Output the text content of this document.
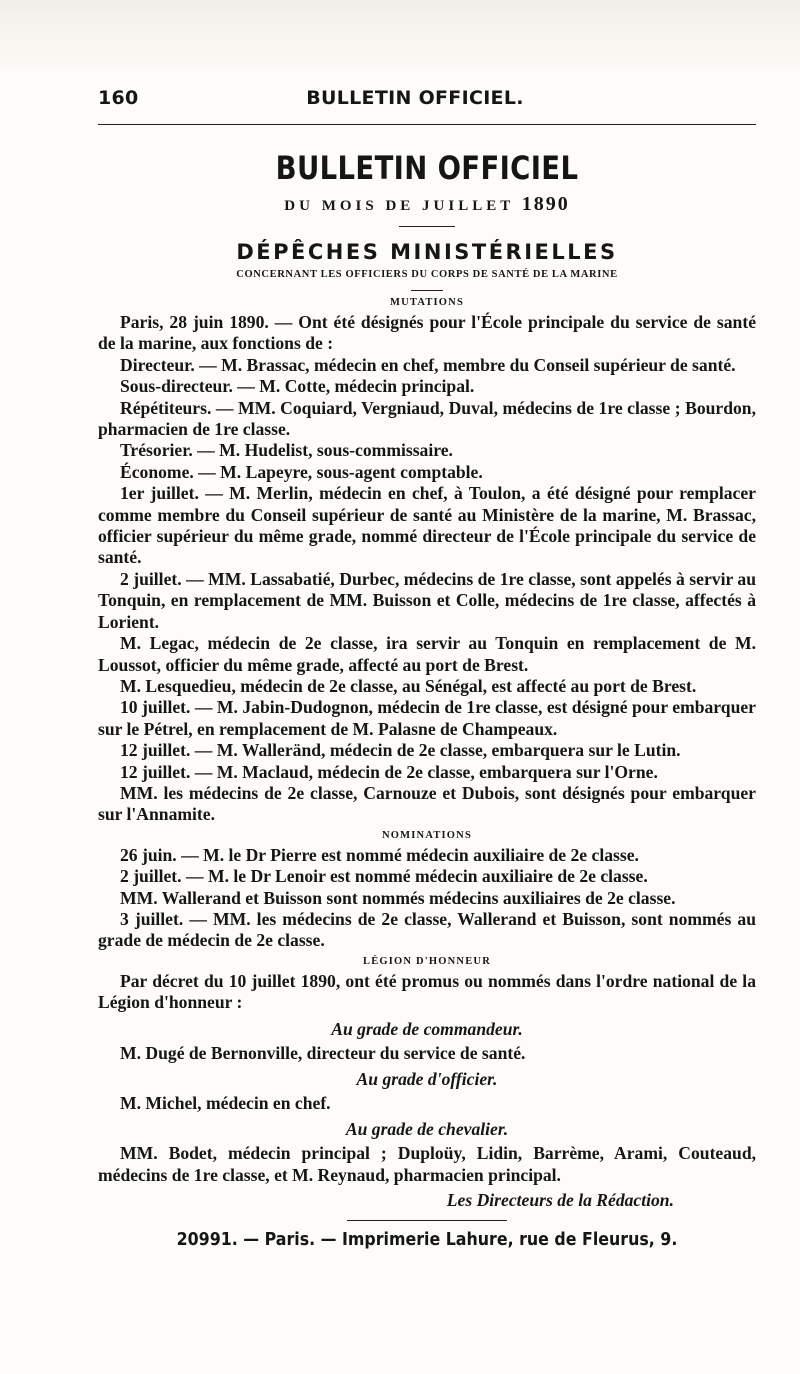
160	BULLETIN OFFICIEL.
BULLETIN OFFICIEL
DU MOIS DE JUILLET 1890
DÉPÊCHES MINISTÉRIELLES
CONCERNANT LES OFFICIERS DU CORPS DE SANTÉ DE LA MARINE
MUTATIONS

Paris, 28 juin 1890. — Ont été désignés pour l'École principale du service de santé de la marine, aux fonctions de :

Directeur. — M. Brassac, médecin en chef, membre du Conseil supérieur de santé.

Sous-directeur. — M. Cotte, médecin principal.

Répétiteurs. — MM. Coquiard, Vergniaud, Duval, médecins de 1re classe ; Bourdon, pharmacien de 1re classe.

Trésorier. — M. Hudelist, sous-commissaire.

Économe. — M. Lapeyre, sous-agent comptable.

1er juillet. — M. Merlin, médecin en chef, à Toulon, a été désigné pour remplacer comme membre du Conseil supérieur de santé au Ministère de la marine, M. Brassac, officier supérieur du même grade, nommé directeur de l'École principale du service de santé.

2 juillet. — MM. Lassabatié, Durbec, médecins de 1re classe, sont appelés à servir au Tonquin, en remplacement de MM. Buisson et Colle, médecins de 1re classe, affectés à Lorient.

M. Legac, médecin de 2e classe, ira servir au Tonquin en remplacement de M. Loussot, officier du même grade, affecté au port de Brest.

M. Lesquedieu, médecin de 2e classe, au Sénégal, est affecté au port de Brest.

10 juillet. — M. Jabin-Dudognon, médecin de 1re classe, est désigné pour embarquer sur le Pétrel, en remplacement de M. Palasne de Champeaux.

12 juillet. — M. Walleränd, médecin de 2e classe, embarquera sur le Lutin.

12 juillet. — M. Maclaud, médecin de 2e classe, embarquera sur l'Orne.

MM. les médecins de 2e classe, Carnouze et Dubois, sont désignés pour embarquer sur l'Annamite.

NOMINATIONS

26 juin. — M. le Dr Pierre est nommé médecin auxiliaire de 2e classe.

2 juillet. — M. le Dr Lenoir est nommé médecin auxiliaire de 2e classe.

MM. Wallerand et Buisson sont nommés médecins auxiliaires de 2e classe.

3 juillet. — MM. les médecins de 2e classe, Wallerand et Buisson, sont nommés au grade de médecin de 2e classe.

LÉGION D'HONNEUR

Par décret du 10 juillet 1890, ont été promus ou nommés dans l'ordre national de la Légion d'honneur :

Au grade de commandeur.

M. Dugé de Bernonville, directeur du service de santé.

Au grade d'officier.

M. Michel, médecin en chef.

Au grade de chevalier.

MM. Bodet, médecin principal ; Duploüy, Lidin, Barrème, Arami, Couteaud, médecins de 1re classe, et M. Reynaud, pharmacien principal.

Les Directeurs de la Rédaction.
20991. — Paris. — Imprimerie Lahure, rue de Fleurus, 9.
